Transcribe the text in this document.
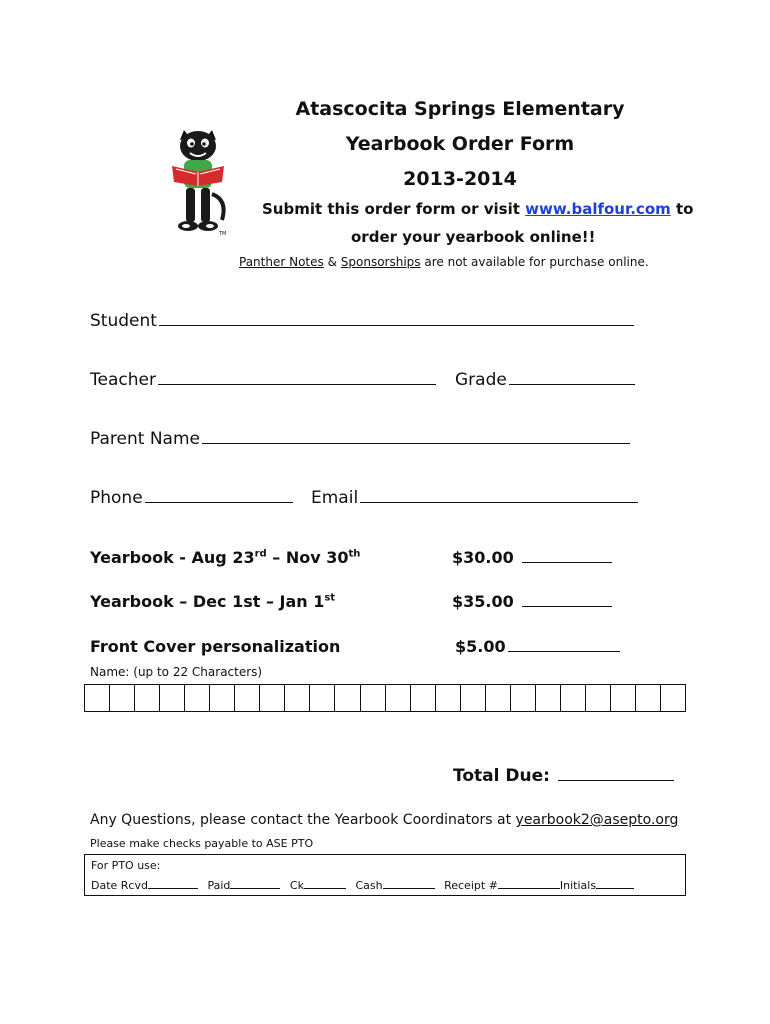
TM
Atascocita Springs Elementary
Yearbook Order Form
2013-2014
Submit this order form or visit www.balfour.com to
order your yearbook online!!
Panther Notes & Sponsorships are not available for purchase online.
Student
Teacher	Grade
Parent Name
Phone	Email
Yearbook - Aug 23rd – Nov 30th	$30.00
Yearbook – Dec 1st – Jan 1st	$35.00
Front Cover personalization	$5.00
Name: (up to 22 Characters)
Total Due:
Any Questions, please contact the Yearbook Coordinators at yearbook2@asepto.org
Please make checks payable to ASE PTO
For PTO use:
Date Rcvd	Paid	Ck	Cash	Receipt #	Initials
